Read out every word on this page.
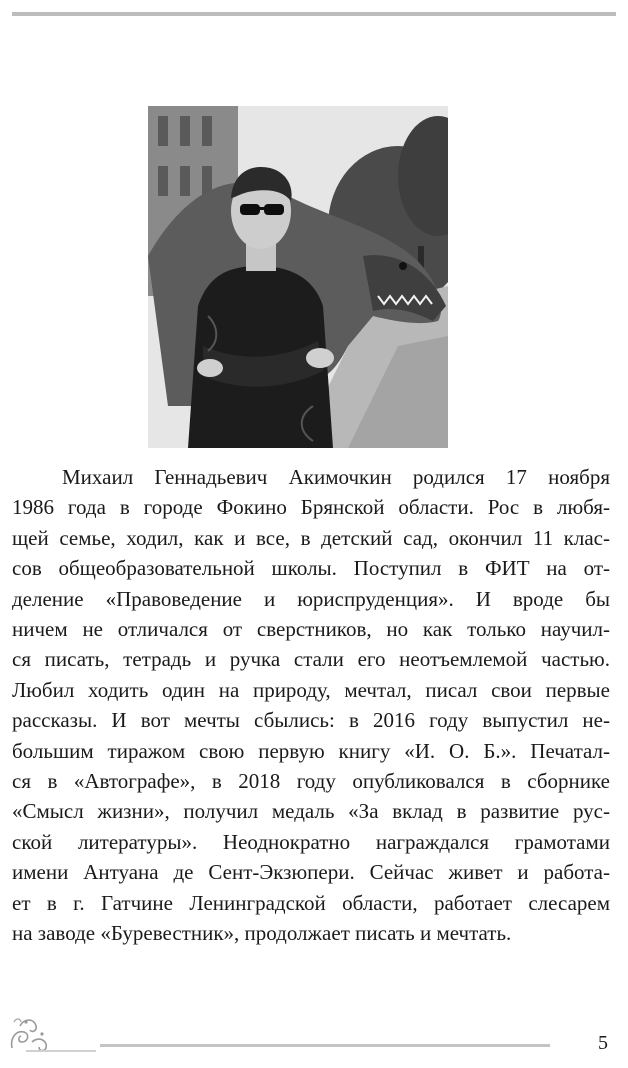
Михаил Геннадьевич Акимочкин родился 17 ноября
1986 года в городе Фокино Брянской области. Рос в любя-
щей семье, ходил, как и все, в детский сад, окончил 11 клас-
сов общеобразовательной школы. Поступил в ФИТ на от-
деление «Правоведение и юриспруденция». И вроде бы
ничем не отличался от сверстников, но как только научил-
ся писать, тетрадь и ручка стали его неотъемлемой частью.
Любил ходить один на природу, мечтал, писал свои первые
рассказы. И вот мечты сбылись: в 2016 году выпустил не-
большим тиражом свою первую книгу «И. О. Б.». Печатал-
ся в «Автографе», в 2018 году опубликовался в сборнике
«Смысл жизни», получил медаль «За вклад в развитие рус-
ской литературы». Неоднократно награждался грамотами
имени Антуана де Сент-Экзюпери. Сейчас живет и работа-
ет в г. Гатчине Ленинградской области, работает слесарем
на заводе «Буревестник», продолжает писать и мечтать.
5
